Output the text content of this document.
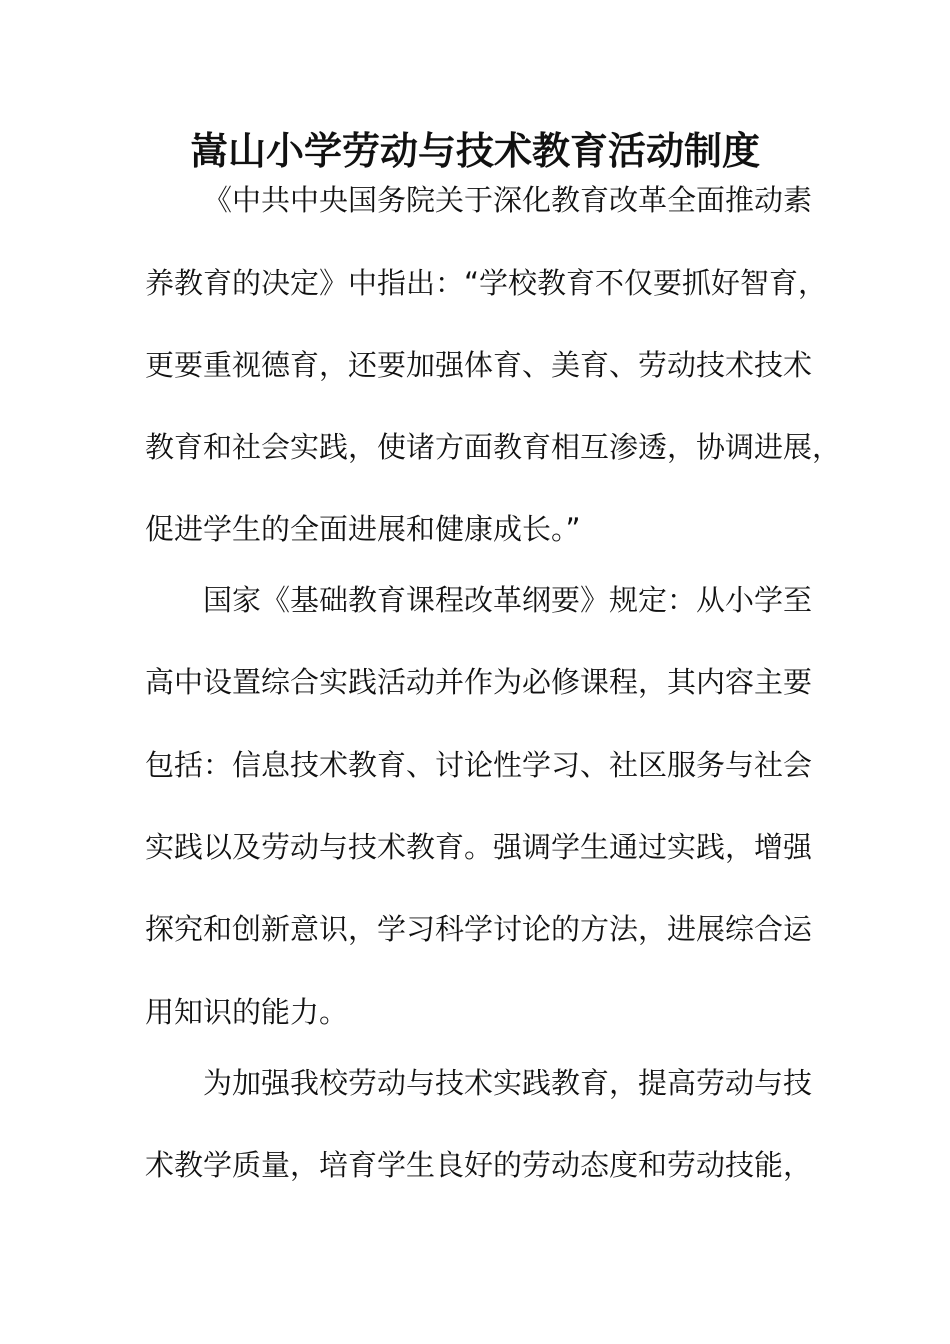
嵩山小学劳动与技术教育活动制度
《中共中央国务院关于深化教育改革全面推动素
养教育的决定》中指出：“学校教育不仅要抓好智育，
更要重视德育，还要加强体育、美育、劳动技术技术
教育和社会实践，使诸方面教育相互渗透，协调进展，
促进学生的全面进展和健康成长。”
国家《基础教育课程改革纲要》规定：从小学至
高中设置综合实践活动并作为必修课程，其内容主要
包括：信息技术教育、讨论性学习、社区服务与社会
实践以及劳动与技术教育。强调学生通过实践，增强
探究和创新意识，学习科学讨论的方法，进展综合运
用知识的能力。
为加强我校劳动与技术实践教育，提高劳动与技
术教学质量，培育学生良好的劳动态度和劳动技能，
